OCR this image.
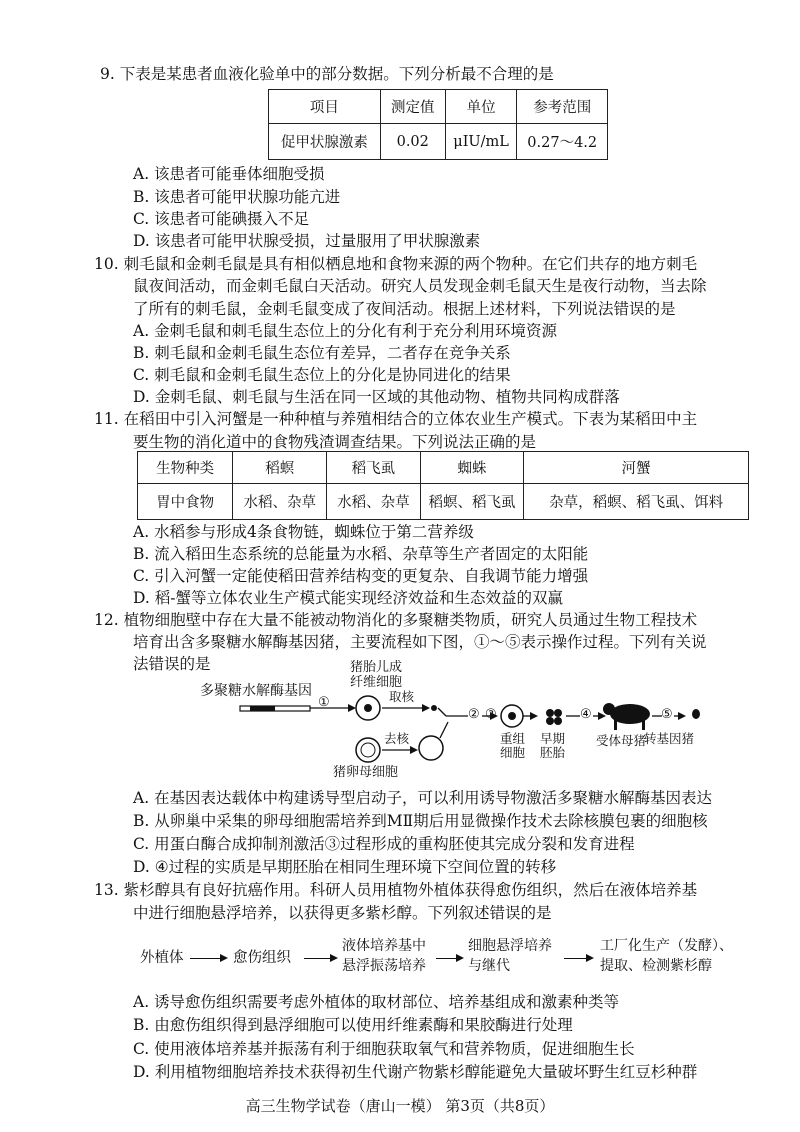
9. 下表是某患者血液化验单中的部分数据。下列分析最不合理的是
项目	测定值	单位	参考范围
促甲状腺激素	0.02	μIU/mL	0.27～4.2
A. 该患者可能垂体细胞受损
B. 该患者可能甲状腺功能亢进
C. 该患者可能碘摄入不足
D. 该患者可能甲状腺受损，过量服用了甲状腺激素
10. 刺毛鼠和金刺毛鼠是具有相似栖息地和食物来源的两个物种。在它们共存的地方刺毛
鼠夜间活动，而金刺毛鼠白天活动。研究人员发现金刺毛鼠天生是夜行动物，当去除
了所有的刺毛鼠，金刺毛鼠变成了夜间活动。根据上述材料，下列说法错误的是
A. 金刺毛鼠和刺毛鼠生态位上的分化有利于充分利用环境资源
B. 刺毛鼠和金刺毛鼠生态位有差异，二者存在竞争关系
C. 刺毛鼠和金刺毛鼠生态位上的分化是协同进化的结果
D. 金刺毛鼠、刺毛鼠与生活在同一区域的其他动物、植物共同构成群落
11. 在稻田中引入河蟹是一种种植与养殖相结合的立体农业生产模式。下表为某稻田中主
要生物的消化道中的食物残渣调查结果。下列说法正确的是
生物种类	稻螟	稻飞虱	蜘蛛	河蟹
胃中食物	水稻、杂草	水稻、杂草	稻螟、稻飞虱	杂草，稻螟、稻飞虱、饵料
A. 水稻参与形成4条食物链，蜘蛛位于第二营养级
B. 流入稻田生态系统的总能量为水稻、杂草等生产者固定的太阳能
C. 引入河蟹一定能使稻田营养结构变的更复杂、自我调节能力增强
D. 稻-蟹等立体农业生产模式能实现经济效益和生态效益的双赢
12. 植物细胞壁中存在大量不能被动物消化的多聚糖类物质，研究人员通过生物工程技术
培育出含多聚糖水解酶基因猪，主要流程如下图，①～⑤表示操作过程。下列有关说
法错误的是
多聚糖水解酶基因
①
猪胎儿成纤维细胞
取核
去核
猪卵母细胞
② ③
重组细胞
早期胚胎
④
受体母猪
⑤
转基因猪
A. 在基因表达载体中构建诱导型启动子，可以利用诱导物激活多聚糖水解酶基因表达
B. 从卵巢中采集的卵母细胞需培养到MⅡ期后用显微操作技术去除核膜包裹的细胞核
C. 用蛋白酶合成抑制剂激活③过程形成的重构胚使其完成分裂和发育进程
D. ④过程的实质是早期胚胎在相同生理环境下空间位置的转移
13. 紫杉醇具有良好抗癌作用。科研人员用植物外植体获得愈伤组织，然后在液体培养基
中进行细胞悬浮培养，以获得更多紫杉醇。下列叙述错误的是
外植体	愈伤组织
液体培养基中
悬浮振荡培养
细胞悬浮培养
与继代
工厂化生产（发酵）、
提取、检测紫杉醇
A. 诱导愈伤组织需要考虑外植体的取材部位、培养基组成和激素种类等
B. 由愈伤组织得到悬浮细胞可以使用纤维素酶和果胶酶进行处理
C. 使用液体培养基并振荡有利于细胞获取氧气和营养物质，促进细胞生长
D. 利用植物细胞培养技术获得初生代谢产物紫杉醇能避免大量破坏野生红豆杉种群
高三生物学试卷（唐山一模） 第3页（共8页）
